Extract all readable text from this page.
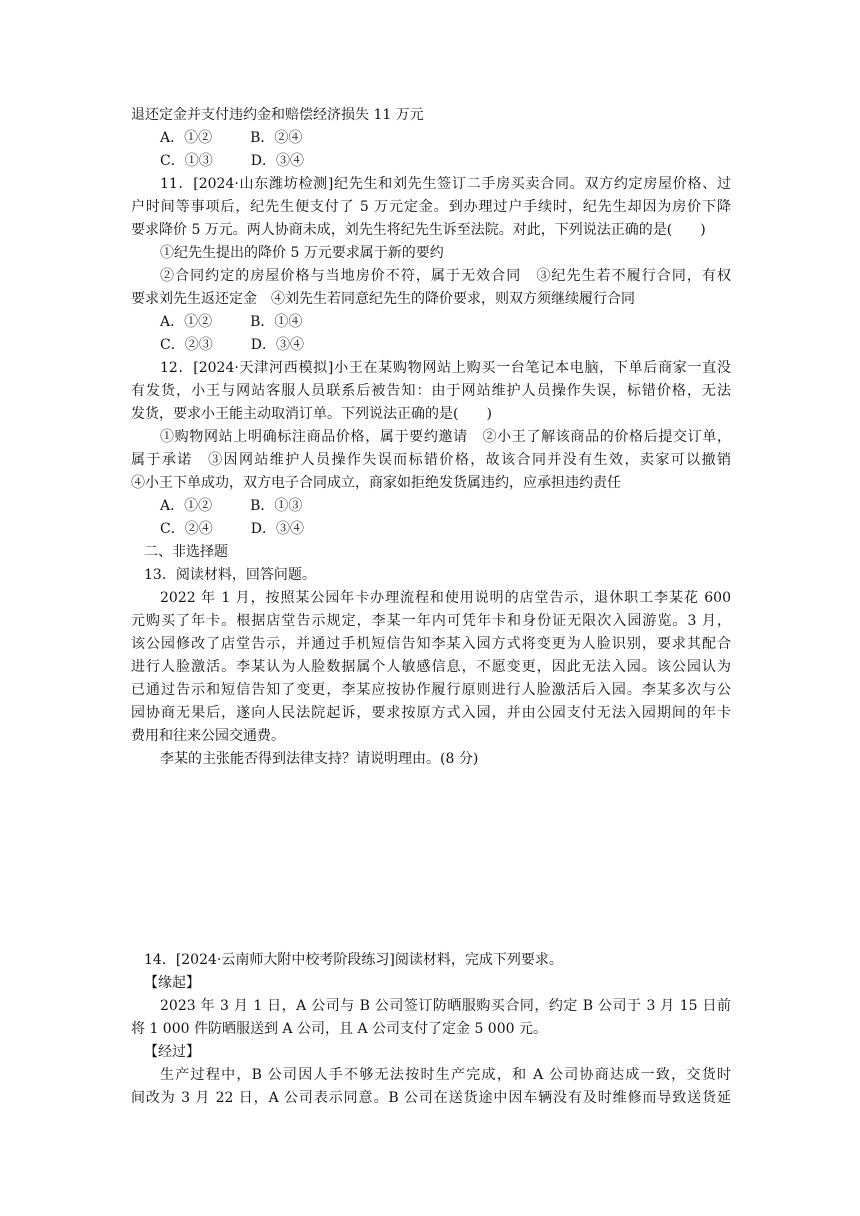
退还定金并支付违约金和赔偿经济损失 11 万元
A．①②	B．②④
C．①③	D．③④
11．[2024·山东潍坊检测]纪先生和刘先生签订二手房买卖合同。双方约定房屋价格、过
户时间等事项后，纪先生便支付了 5 万元定金。到办理过户手续时，纪先生却因为房价下降
要求降价 5 万元。两人协商未成，刘先生将纪先生诉至法院。对此，下列说法正确的是(　　)
①纪先生提出的降价 5 万元要求属于新的要约
②合同约定的房屋价格与当地房价不符，属于无效合同　③纪先生若不履行合同，有权
要求刘先生返还定金　④刘先生若同意纪先生的降价要求，则双方须继续履行合同
A．①②	B．①④
C．②③	D．③④
12．[2024·天津河西模拟]小王在某购物网站上购买一台笔记本电脑，下单后商家一直没
有发货，小王与网站客服人员联系后被告知：由于网站维护人员操作失误，标错价格，无法
发货，要求小王能主动取消订单。下列说法正确的是(　　)
①购物网站上明确标注商品价格，属于要约邀请　②小王了解该商品的价格后提交订单，
属于承诺　③因网站维护人员操作失误而标错价格，故该合同并没有生效，卖家可以撤销
④小王下单成功，双方电子合同成立，商家如拒绝发货属违约，应承担违约责任
A．①②	B．①③
C．②④	D．③④
二、非选择题
13．阅读材料，回答问题。
2022 年 1 月，按照某公园年卡办理流程和使用说明的店堂告示，退休职工李某花 600
元购买了年卡。根据店堂告示规定，李某一年内可凭年卡和身份证无限次入园游览。3 月，
该公园修改了店堂告示，并通过手机短信告知李某入园方式将变更为人脸识别，要求其配合
进行人脸激活。李某认为人脸数据属个人敏感信息，不愿变更，因此无法入园。该公园认为
已通过告示和短信告知了变更，李某应按协作履行原则进行人脸激活后入园。李某多次与公
园协商无果后，遂向人民法院起诉，要求按原方式入园，并由公园支付无法入园期间的年卡
费用和往来公园交通费。
李某的主张能否得到法律支持？请说明理由。(8 分)
14．[2024·云南师大附中校考阶段练习]阅读材料，完成下列要求。
【缘起】
2023 年 3 月 1 日，A 公司与 B 公司签订防晒服购买合同，约定 B 公司于 3 月 15 日前
将 1 000 件防晒服送到 A 公司，且 A 公司支付了定金 5 000 元。
【经过】
生产过程中，B 公司因人手不够无法按时生产完成，和 A 公司协商达成一致，交货时
间改为 3 月 22 日，A 公司表示同意。B 公司在送货途中因车辆没有及时维修而导致送货延
